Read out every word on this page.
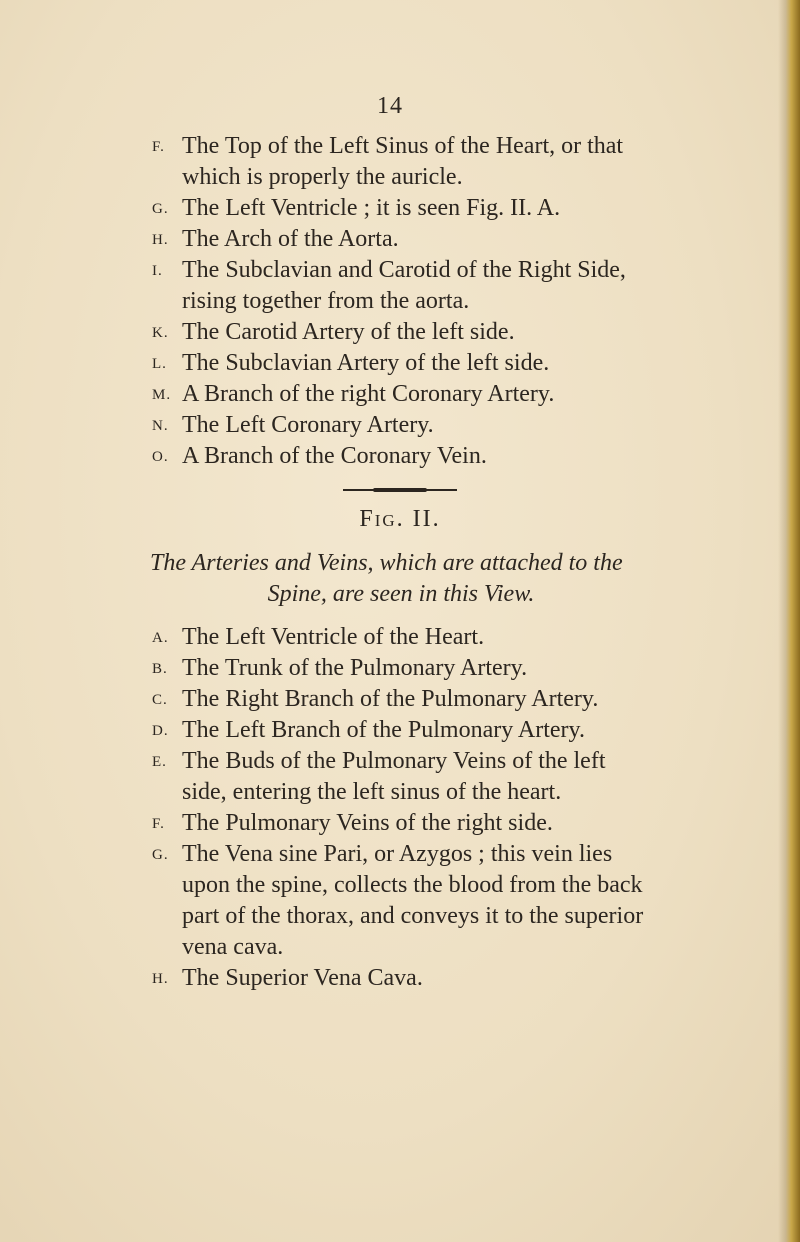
14
F. The Top of the Left Sinus of the Heart, or that which is properly the auricle.
G. The Left Ventricle ; it is seen Fig. II. A.
H. The Arch of the Aorta.
I. The Subclavian and Carotid of the Right Side, rising together from the aorta.
K. The Carotid Artery of the left side.
L. The Subclavian Artery of the left side.
M. A Branch of the right Coronary Artery.
N. The Left Coronary Artery.
O. A Branch of the Coronary Vein.
Fig. II.
The Arteries and Veins, which are attached to the
Spine, are seen in this View.
A. The Left Ventricle of the Heart.
B. The Trunk of the Pulmonary Artery.
C. The Right Branch of the Pulmonary Artery.
D. The Left Branch of the Pulmonary Artery.
E. The Buds of the Pulmonary Veins of the left side, entering the left sinus of the heart.
F. The Pulmonary Veins of the right side.
G. The Vena sine Pari, or Azygos ; this vein lies upon the spine, collects the blood from the back part of the thorax, and conveys it to the superior vena cava.
H. The Superior Vena Cava.
